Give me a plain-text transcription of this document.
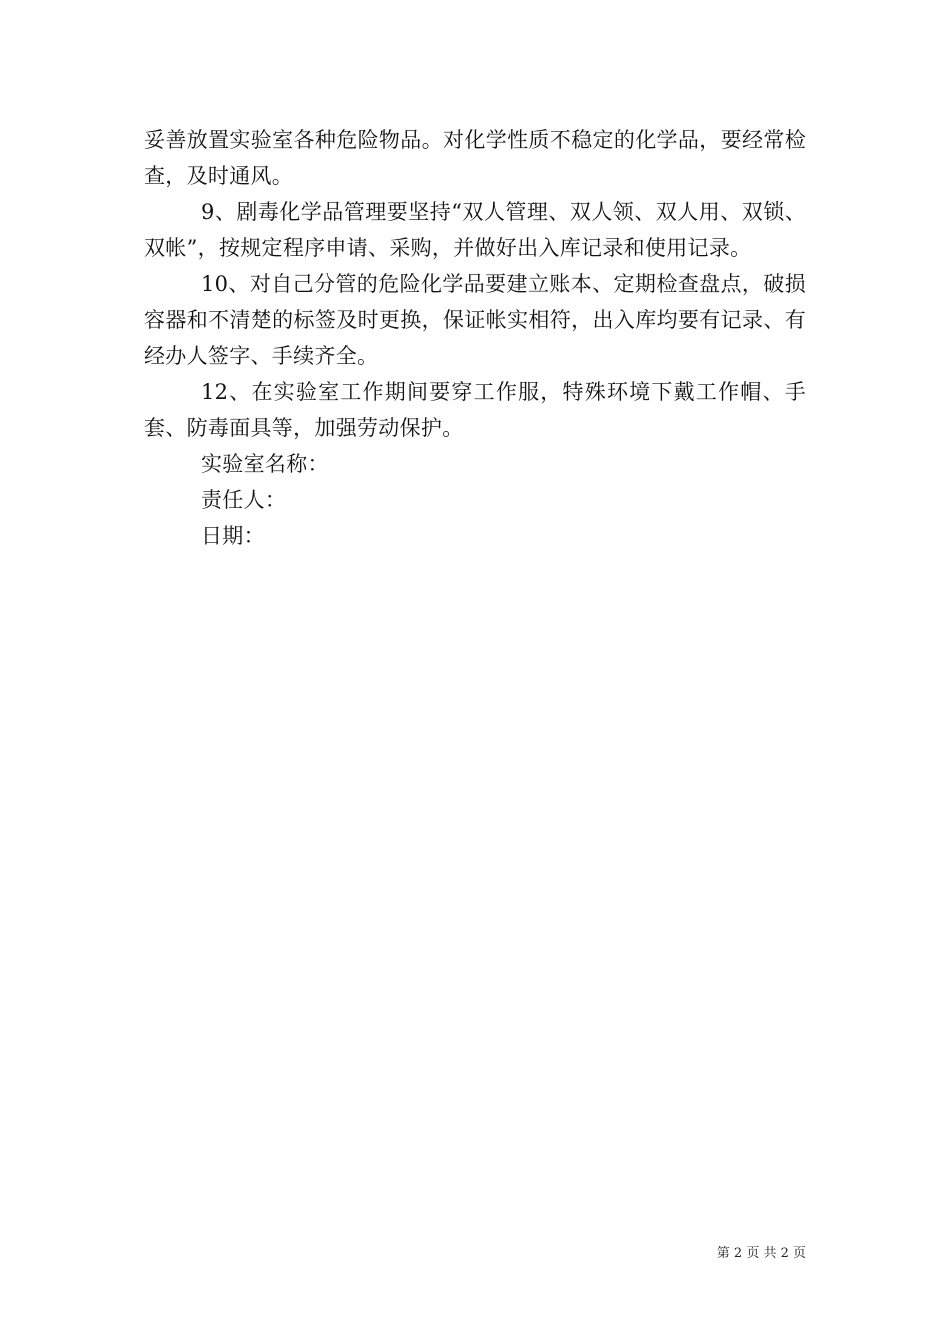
妥善放置实验室各种危险物品。对化学性质不稳定的化学品，要经常检查，及时通风。

9、剧毒化学品管理要坚持“双人管理、双人领、双人用、双锁、双帐”，按规定程序申请、采购，并做好出入库记录和使用记录。

10、对自己分管的危险化学品要建立账本、定期检查盘点，破损容器和不清楚的标签及时更换，保证帐实相符，出入库均要有记录、有经办人签字、手续齐全。

12、在实验室工作期间要穿工作服，特殊环境下戴工作帽、手套、防毒面具等，加强劳动保护。

实验室名称：

责任人：

日期：

第 2 页 共 2 页
